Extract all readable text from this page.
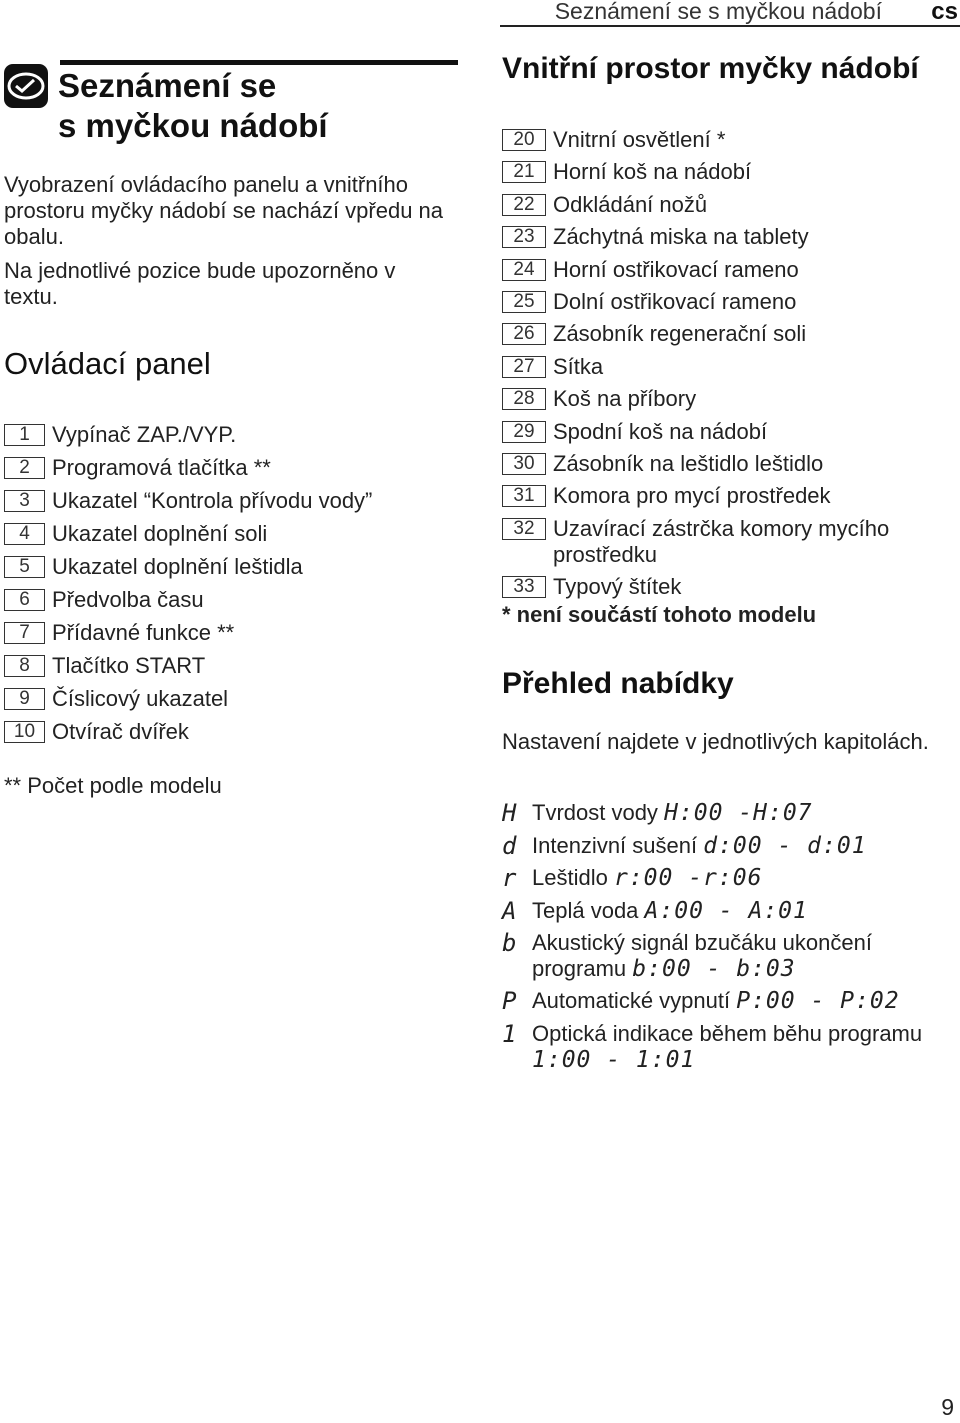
Seznámení se s myčkou nádobí cs
Seznámení se
s myčkou nádobí

Vyobrazení ovládacího panelu a vnitřního prostoru myčky nádobí se nachází vpředu na obalu.

Na jednotlivé pozice bude upozorněno v textu.

Ovládací panel
1	Vypínač ZAP./VYP.
2	Programová tlačítka **
3	Ukazatel “Kontrola přívodu vody”
4	Ukazatel doplnění soli
5	Ukazatel doplnění leštidla
6	Předvolba času
7	Přídavné funkce **
8	Tlačítko START
9	Číslicový ukazatel
10 Otvírač dvířek

** Počet podle modelu

Vnitřní prostor myčky nádobí
20 Vnitrní osvětlení *
21 Horní koš na nádobí
22 Odkládání nožů
23 Záchytná miska na tablety
24 Horní ostřikovací rameno
25 Dolní ostřikovací rameno
26 Zásobník regenerační soli
27 Sítka
28 Koš na příbory
29 Spodní koš na nádobí
30 Zásobník na leštidlo leštidlo
31 Komora pro mycí prostředek
32 Uzavírací zástrčka komory mycího prostředku
33 Typový štítek

* není součástí tohoto modelu

Přehled nabídky

Nastavení najdete v jednotlivých kapitolách.

H Tvrdost vody H:00 -H:07
d Intenzivní sušení d:00 - d:01
r Leštidlo r:00 -r:06
A Teplá voda A:00 - A:01
b Akustický signál bzučáku ukončení programu b:00 - b:03
P Automatické vypnutí P:00 - P:02
1 Optická indikace během běhu programu 1:00 - 1:01
9
